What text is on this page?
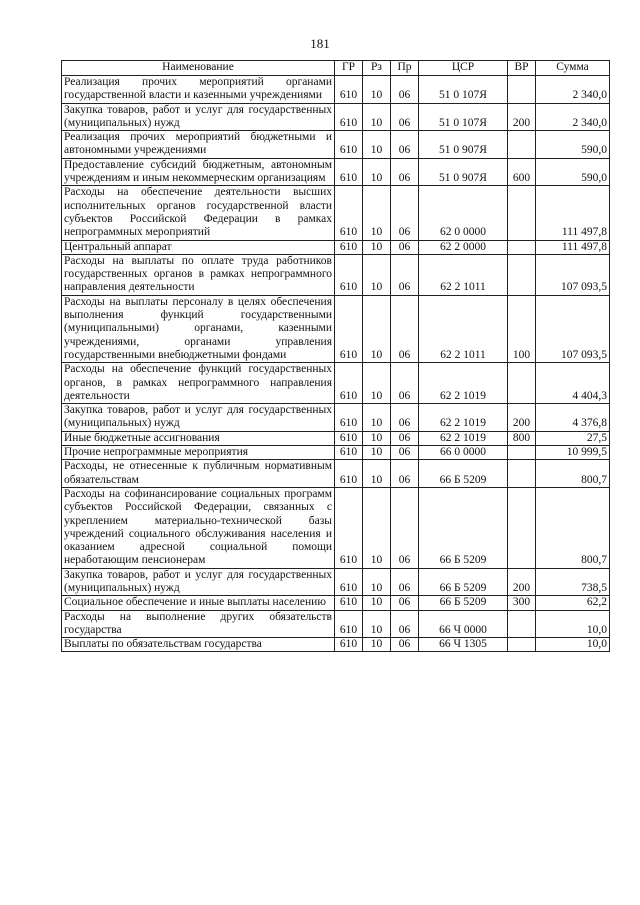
181
Наименование	ГР	Рз	Пр	ЦСР	ВР	Сумма
Реализация прочих мероприятий органами государственной власти и казенными учреждениями	610	10	06	51 0 107Я		2 340,0
Закупка товаров, работ и услуг для государственных (муниципальных) нужд	610	10	06	51 0 107Я	200	2 340,0
Реализация прочих мероприятий бюджетными и автономными учреждениями	610	10	06	51 0 907Я		590,0
Предоставление субсидий бюджетным, автономным учреждениям и иным некоммерческим организациям	610	10	06	51 0 907Я	600	590,0
Расходы на обеспечение деятельности высших исполнительных органов государственной власти субъектов Российской Федерации в рамках непрограммных мероприятий	610	10	06	62 0 0000		111 497,8
Центральный аппарат	610	10	06	62 2 0000		111 497,8
Расходы на выплаты по оплате труда работников государственных органов в рамках непрограммного направления деятельности	610	10	06	62 2 1011		107 093,5
Расходы на выплаты персоналу в целях обеспечения выполнения функций государственными (муниципальными) органами, казенными учреждениями, органами управления государственными внебюджетными фондами	610	10	06	62 2 1011	100	107 093,5
Расходы на обеспечение функций государственных органов, в рамках непрограммного направления деятельности	610	10	06	62 2 1019		4 404,3
Закупка товаров, работ и услуг для государственных (муниципальных) нужд	610	10	06	62 2 1019	200	4 376,8
Иные бюджетные ассигнования	610	10	06	62 2 1019	800	27,5
Прочие непрограммные мероприятия	610	10	06	66 0 0000		10 999,5
Расходы, не отнесенные к публичным нормативным обязательствам	610	10	06	66 Б 5209		800,7
Расходы на софинансирование социальных программ субъектов Российской Федерации, связанных с укреплением материально-технической базы учреждений социального обслуживания населения и оказанием адресной социальной помощи неработающим пенсионерам	610	10	06	66 Б 5209		800,7
Закупка товаров, работ и услуг для государственных (муниципальных) нужд	610	10	06	66 Б 5209	200	738,5
Социальное обеспечение и иные выплаты населению	610	10	06	66 Б 5209	300	62,2
Расходы на выполнение других обязательств государства	610	10	06	66 Ч 0000		10,0
Выплаты по обязательствам государства	610	10	06	66 Ч 1305		10,0
